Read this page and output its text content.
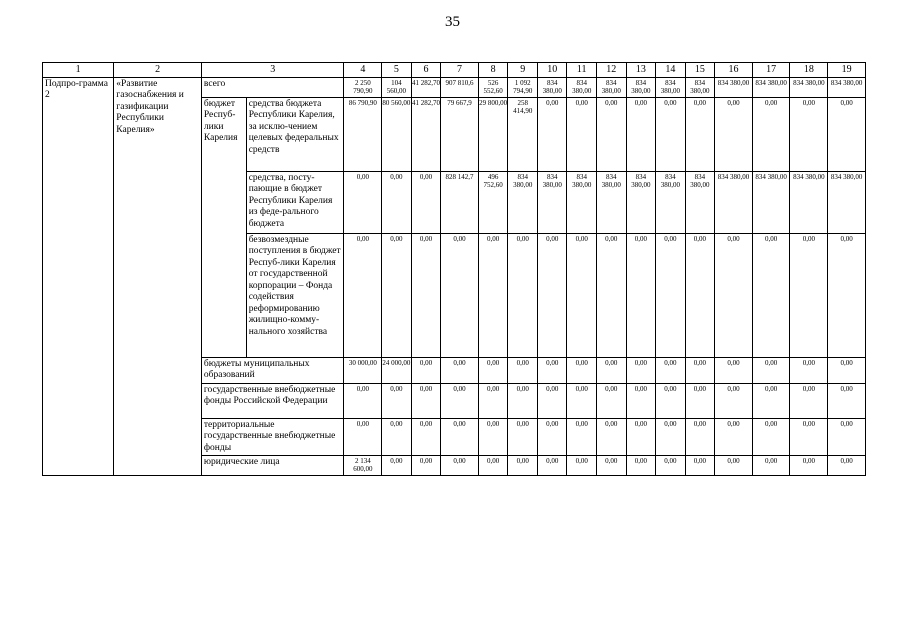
35
1	2	3		4	5	6	7	8	9	10	11	12	13	14	15	16	17	18	19
Подпро-грамма 2	«Развитие газоснабжения и газификации Республики Карелия»	всего		2 250 790,90	104 560,00	41 282,70	907 810,6	526 552,60	1 092 794,90	834 380,00	834 380,00	834 380,00	834 380,00	834 380,00	834 380,00	834 380,00	834 380,00	834 380,00	834 380,00
		бюджет Респуб-лики Карелия	средства бюджета Республики Карелия, за исклю-чением целевых федеральных средств	86 790,90	80 560,00	41 282,70	79 667,9	29 800,00	258 414,90	0,00	0,00	0,00	0,00	0,00	0,00	0,00	0,00	0,00	0,00
			средства, посту-пающие в бюджет Республики Карелия из феде-рального бюджета	0,00	0,00	0,00	828 142,7	496 752,60	834 380,00	834 380,00	834 380,00	834 380,00	834 380,00	834 380,00	834 380,00	834 380,00	834 380,00	834 380,00	834 380,00
			безвозмездные поступления в бюджет Респуб-лики Карелия от государственной корпорации – Фонда содействия реформированию жилищно-комму-нального хозяйства	0,00	0,00	0,00	0,00	0,00	0,00	0,00	0,00	0,00	0,00	0,00	0,00	0,00	0,00	0,00	0,00
		бюджеты муниципальных образований		30 000,00	24 000,00	0,00	0,00	0,00	0,00	0,00	0,00	0,00	0,00	0,00	0,00	0,00	0,00	0,00	0,00
		государственные внебюджетные фонды Российской Федерации		0,00	0,00	0,00	0,00	0,00	0,00	0,00	0,00	0,00	0,00	0,00	0,00	0,00	0,00	0,00	0,00
		территориальные государственные внебюджетные фонды		0,00	0,00	0,00	0,00	0,00	0,00	0,00	0,00	0,00	0,00	0,00	0,00	0,00	0,00	0,00	0,00
		юридические лица		2 134 600,00	0,00	0,00	0,00	0,00	0,00	0,00	0,00	0,00	0,00	0,00	0,00	0,00	0,00	0,00	0,00
